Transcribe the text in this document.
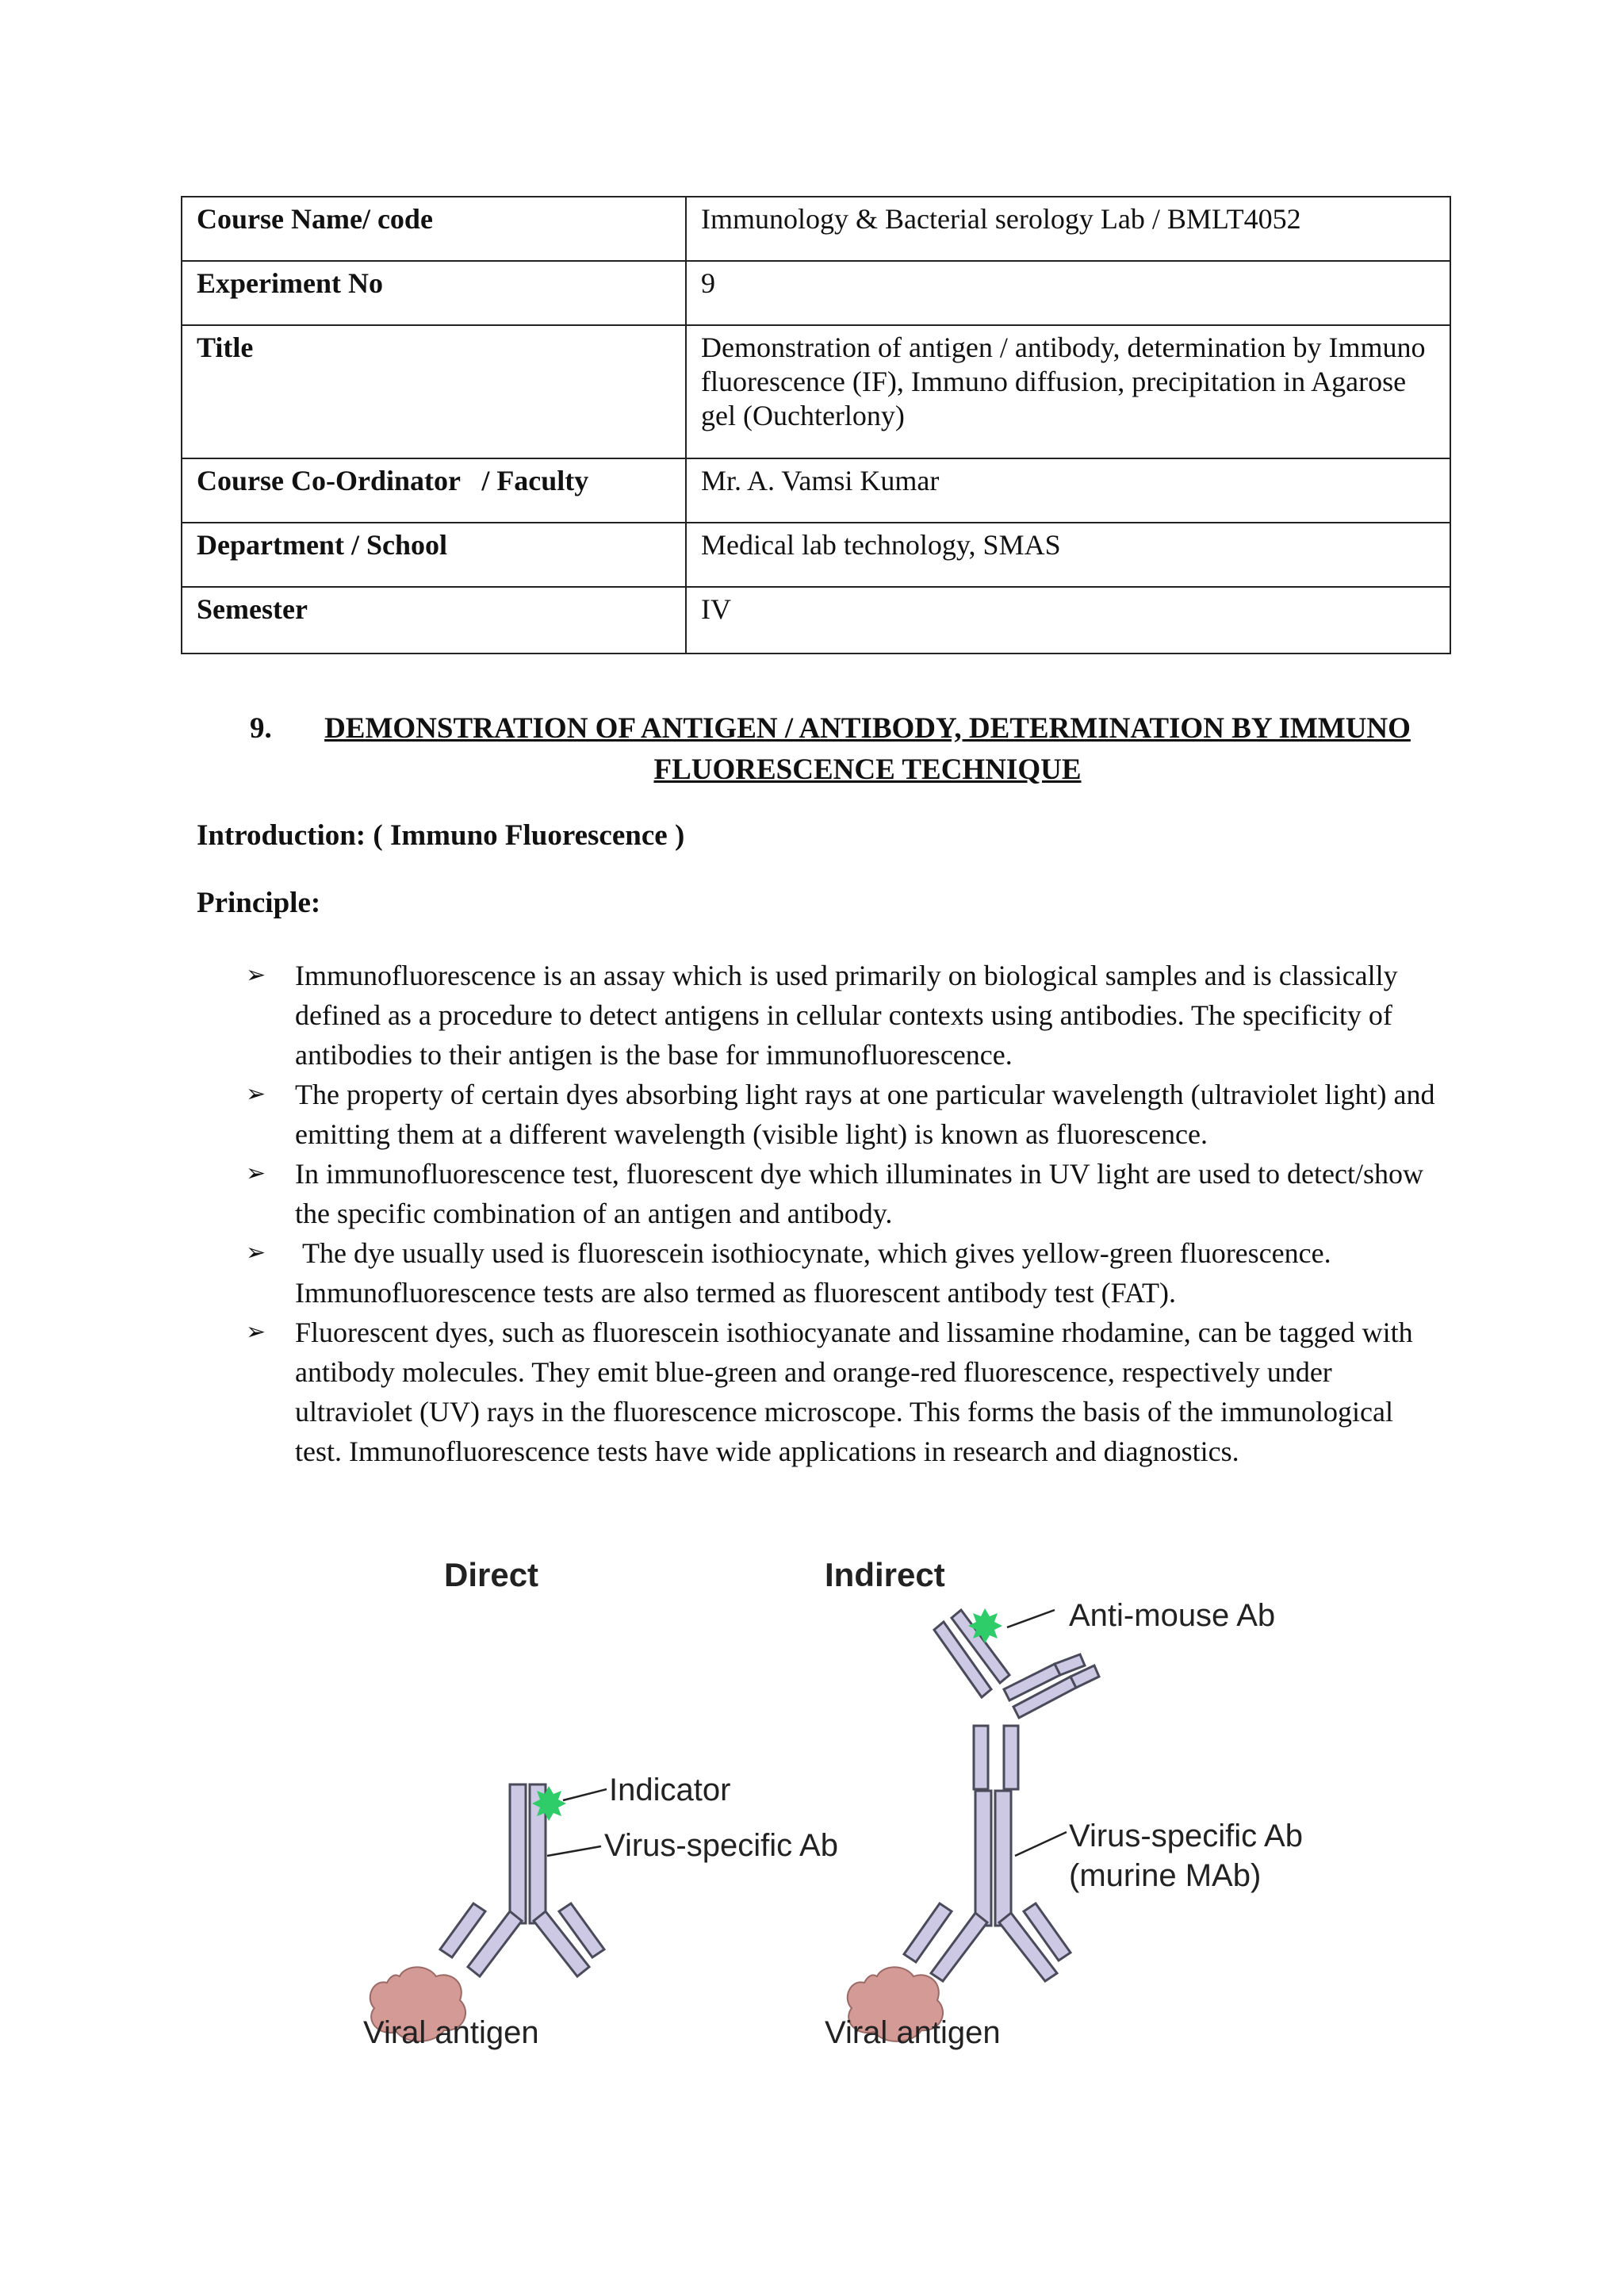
Course Name/ code	Immunology & Bacterial serology Lab / BMLT4052
Experiment No	9
Title	Demonstration of antigen / antibody, determination by Immuno fluorescence (IF), Immuno diffusion, precipitation in Agarose gel (Ouchterlony)
Course Co-Ordinator   / Faculty	Mr. A. Vamsi Kumar
Department / School	Medical lab technology, SMAS
Semester	IV
9.	DEMONSTRATION OF ANTIGEN / ANTIBODY, DETERMINATION BY IMMUNO FLUORESCENCE TECHNIQUE
Introduction: ( Immuno Fluorescence )
Principle:
➢ Immunofluorescence is an assay which is used primarily on biological samples and is classically defined as a procedure to detect antigens in cellular contexts using antibodies. The specificity of antibodies to their antigen is the base for immunofluorescence.
➢ The property of certain dyes absorbing light rays at one particular wavelength (ultraviolet light) and emitting them at a different wavelength (visible light) is known as fluorescence.
➢ In immunofluorescence test, fluorescent dye which illuminates in UV light are used to detect/show the specific combination of an antigen and antibody.
➢ The dye usually used is fluorescein isothiocynate, which gives yellow-green fluorescence. Immunofluorescence tests are also termed as fluorescent antibody test (FAT).
➢ Fluorescent dyes, such as fluorescein isothiocyanate and lissamine rhodamine, can be tagged with antibody molecules. They emit blue-green and orange-red fluorescence, respectively under ultraviolet (UV) rays in the fluorescence microscope. This forms the basis of the immunological test. Immunofluorescence tests have wide applications in research and diagnostics.
Direct
Indicator
Virus-specific Ab
Viral antigen
Indirect
Anti-mouse Ab
Virus-specific Ab
(murine MAb)
Viral antigen
